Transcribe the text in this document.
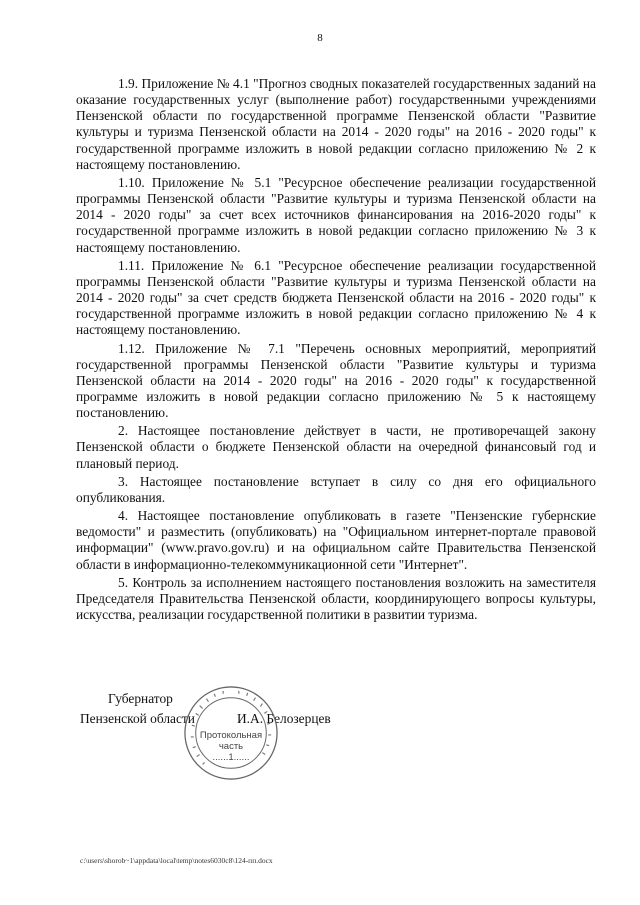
8

1.9. Приложение № 4.1 "Прогноз сводных показателей государственных заданий на оказание государственных услуг (выполнение работ) государственными учреждениями Пензенской области по государственной программе Пензенской области "Развитие культуры и туризма Пензенской области на 2014 - 2020 годы" на 2016 - 2020 годы" к государственной программе изложить в новой редакции согласно приложению № 2 к настоящему постановлению.

1.10. Приложение № 5.1 "Ресурсное обеспечение реализации государственной программы Пензенской области "Развитие культуры и туризма Пензенской области на 2014 - 2020 годы" за счет всех источников финансирования на 2016-2020 годы" к государственной программе изложить в новой редакции согласно приложению № 3 к настоящему постановлению.

1.11. Приложение № 6.1 "Ресурсное обеспечение реализации государственной программы Пензенской области "Развитие культуры и туризма Пензенской области на 2014 - 2020 годы" за счет средств бюджета Пензенской области на 2016 - 2020 годы" к государственной программе изложить в новой редакции согласно приложению № 4 к настоящему постановлению.

1.12. Приложение № 7.1 "Перечень основных мероприятий, мероприятий государственной программы Пензенской области "Развитие культуры и туризма Пензенской области на 2014 - 2020 годы" на 2016 - 2020 годы" к государственной программе изложить в новой редакции согласно приложению № 5 к настоящему постановлению.

2. Настоящее постановление действует в части, не противоречащей закону Пензенской области о бюджете Пензенской области на очередной финансовый год и плановый период.

3. Настоящее постановление вступает в силу со дня его официального опубликования.

4. Настоящее постановление опубликовать в газете "Пензенские губернские ведомости" и разместить (опубликовать) на "Официальном интернет-портале правовой информации" (www.pravo.gov.ru) и на официальном сайте Правительства Пензенской области в информационно-телекоммуникационной сети "Интернет".

5. Контроль за исполнением настоящего постановления возложить на заместителя Председателя Правительства Пензенской области, координирующего вопросы культуры, искусства, реализации государственной политики в развитии туризма.

Губернатор
Пензенской области	И.А. Белозерцев
Протокольная
часть
......1......
c:\users\shorob~1\appdata\local\temp\notes6030c8\124-пп.docx
